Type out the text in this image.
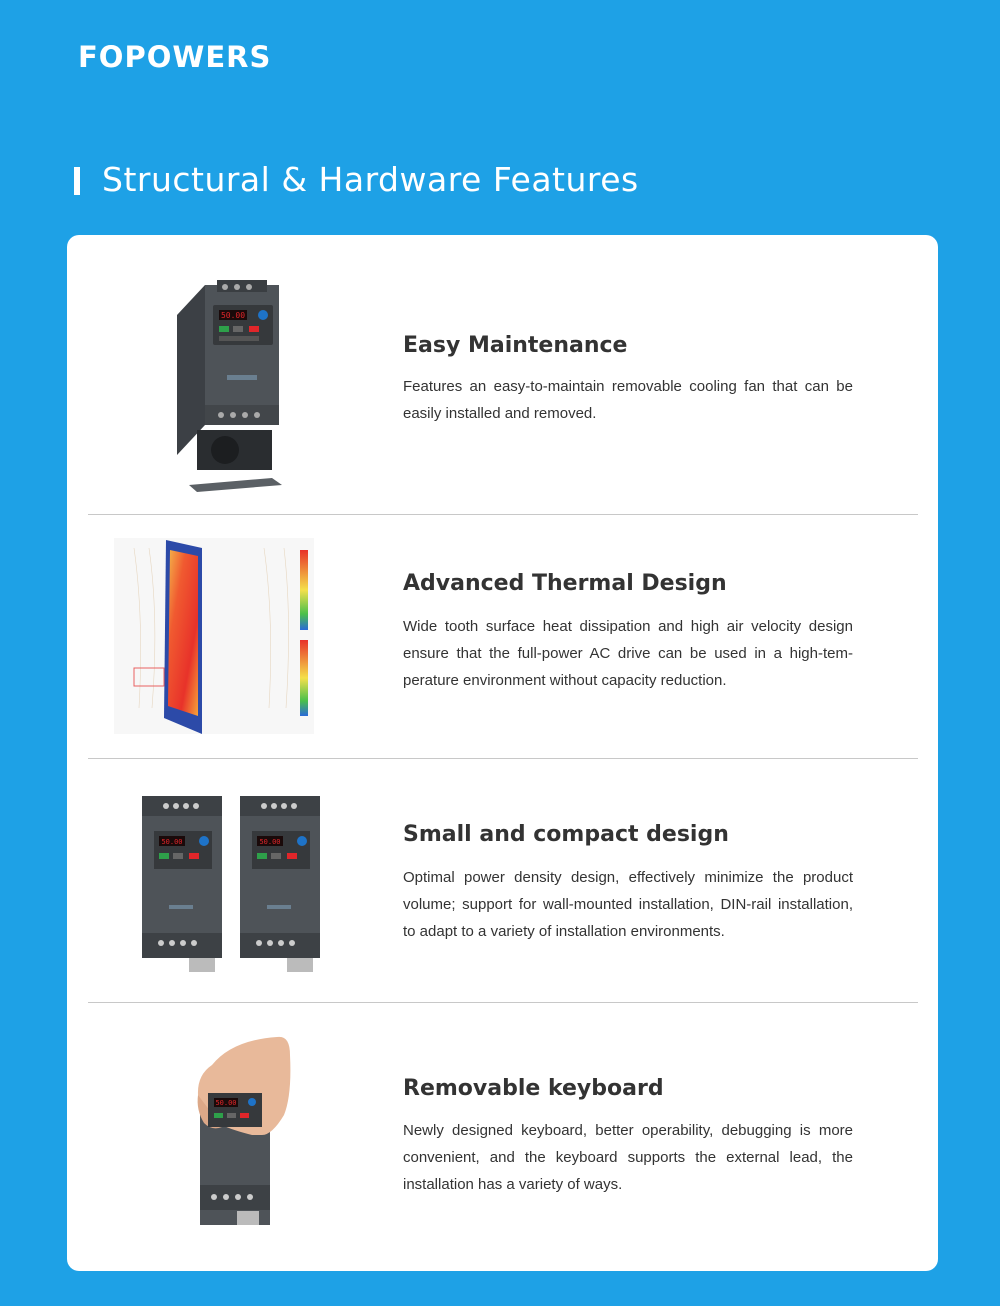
FOPOWERS
Structural & Hardware Features
50.00
Easy Maintenance

Features an easy-to-maintain removable cooling fan that can be easily installed and removed.

Advanced Thermal Design

Wide tooth surface heat dissipation and high air velocity design ensure that the full-power AC drive can be used in a high-tem-perature environment without capacity reduction.

50.00	50.00	Small and compact design

Optimal power density design, effectively minimize the product volume; support for wall-mounted installation, DIN-rail installation, to adapt to a variety of installation environments.

50.00
Removable keyboard

Newly designed keyboard, better operability, debugging is more convenient, and the keyboard supports the external lead, the installation has a variety of ways.
